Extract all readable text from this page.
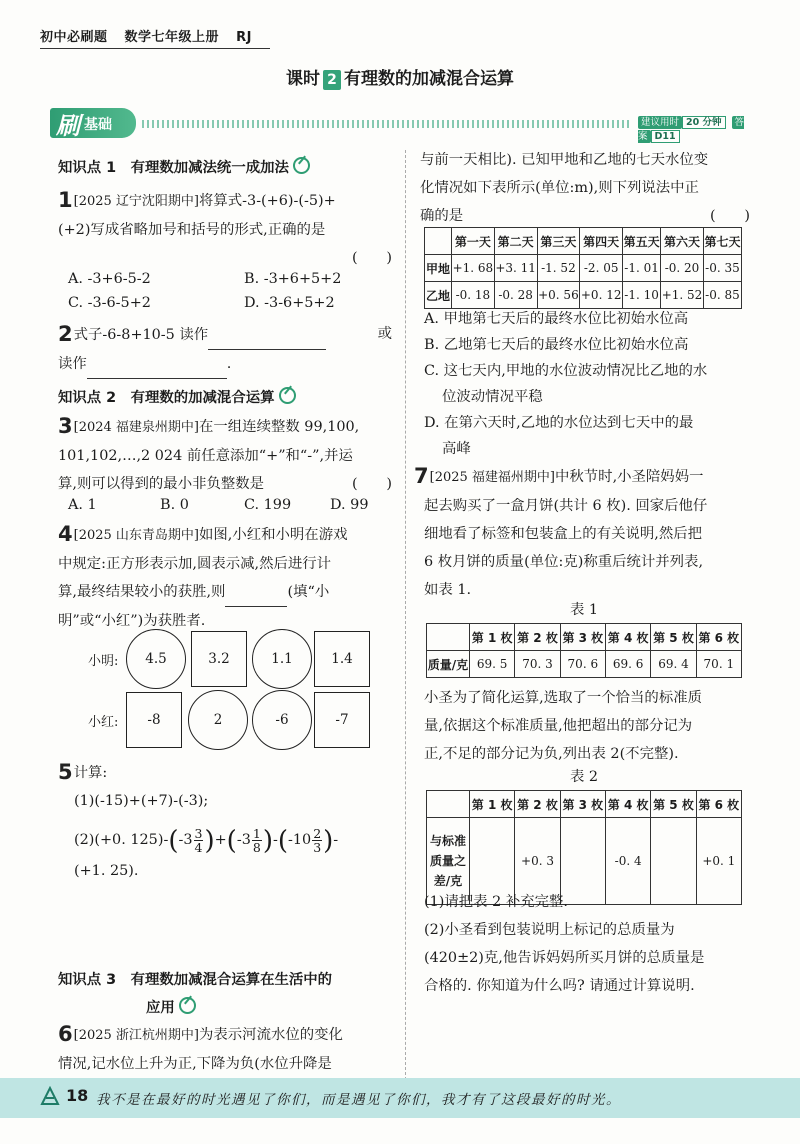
初中必刷题 数学七年级上册 RJ
课时 2 有理数的加减混合运算
刷 基础	建议用时 20 分钟 答案 D11
知识点 1　有理数加减法统一成加法
1[2025 辽宁沈阳期中]将算式-3-(+6)-(-5)+
(+2)写成省略加号和括号的形式,正确的是
(　　)

A. -3+6-5-2	B. -3+6+5+2
C. -3-6-5+2	D. -3-6+5+2
2式子-6-8+10-5 读作	或
读作	.
知识点 2　有理数的加减混合运算
3[2024 福建泉州期中]在一组连续整数 99,100,
101,102,…,2 024 前任意添加“+”和“-”,并运
算,则可以得到的最小非负整数是	(　　)
A. 1	B. 0	C. 199	D. 99
4[2025 山东青岛期中]如图,小红和小明在游戏
中规定:正方形表示加,圆表示减,然后进行计
算,最终结果较小的获胜,则	(填“小
明”或“小红”)为获胜者.
小明:	4.5	3.2	1.1	1.4
小红:	-8	2	-6	-7
5计算:
(1)(-15)+(+7)-(-3);
(2)(+0. $125)-(-3 \frac{3}{4} )+(-3 \frac{1}{8} )-(-10 \frac{2}{3}$ )-
(+1. 25).
知识点 3　有理数加减混合运算在生活中的
应用
6[2025 浙江杭州期中]为表示河流水位的变化
情况,记水位上升为正,下降为负(水位升降是
与前一天相比). 已知甲地和乙地的七天水位变
化情况如下表所示(单位:m),则下列说法中正
确的是	(　　)
	第一天	第二天	第三天	第四天	第五天	第六天	第七天
甲地	+1. 68	+3. 11	-1. 52	-2. 05	-1. 01	-0. 20	-0. 35
乙地	-0. 18	-0. 28	+0. 56	+0. 12	-1. 10	+1. 52	-0. 85
A. 甲地第七天后的最终水位比初始水位高
B. 乙地第七天后的最终水位比初始水位高
C. 这七天内,甲地的水位波动情况比乙地的水
位波动情况平稳
D. 在第六天时,乙地的水位达到七天中的最
高峰
7[2025 福建福州期中]中秋节时,小圣陪妈妈一
起去购买了一盒月饼(共计 6 枚). 回家后他仔
细地看了标签和包装盒上的有关说明,然后把
6 枚月饼的质量(单位:克)称重后统计并列表,
如表 1.
表 1
	第 1 枚	第 2 枚	第 3 枚	第 4 枚	第 5 枚	第 6 枚
质量/克	69. 5	70. 3	70. 6	69. 6	69. 4	70. 1
小圣为了简化运算,选取了一个恰当的标准质
量,依据这个标准质量,他把超出的部分记为
正,不足的部分记为负,列出表 2(不完整).
表 2
	第 1 枚	第 2 枚	第 3 枚	第 4 枚	第 5 枚	第 6 枚

与标准
质量之
差/克		+0. 3		-0. 4		+0. 1
(1)请把表 2 补充完整.
(2)小圣看到包装说明上标记的总质量为
(420±2)克,他告诉妈妈所买月饼的总质量是
合格的. 你知道为什么吗? 请通过计算说明.
18 我不是在最好的时光遇见了你们，而是遇见了你们，我才有了这段最好的时光。
